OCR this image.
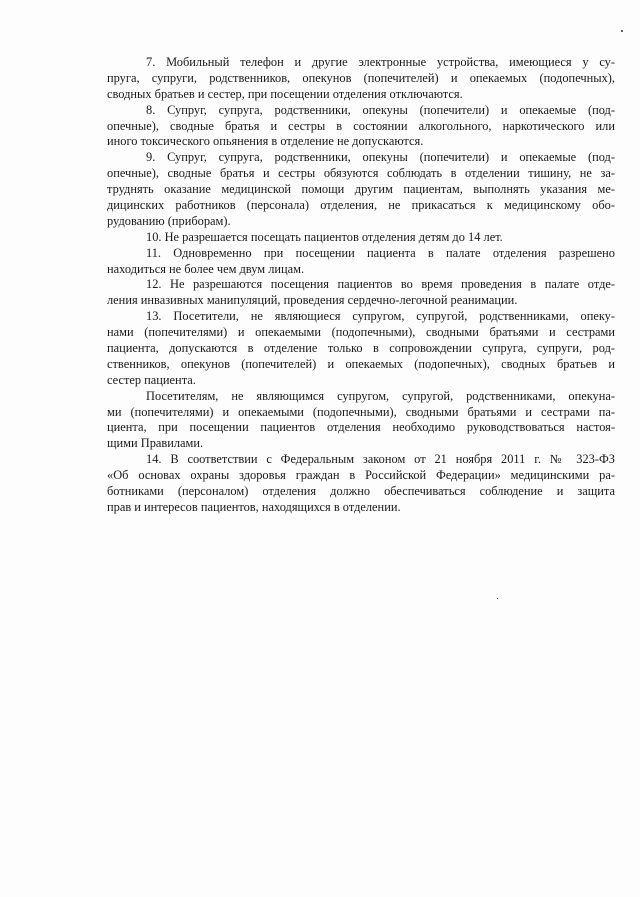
7. Мобильный телефон и другие электронные устройства, имеющиеся у су-
пруга, супруги, родственников, опекунов (попечителей) и опекаемых (подопечных),
сводных братьев и сестер, при посещении отделения отключаются.
8. Супруг, супруга, родственники, опекуны (попечители) и опекаемые (под-
опечные), сводные братья и сестры в состоянии алкогольного, наркотического или
иного токсического опьянения в отделение не допускаются.
9. Супруг, супруга, родственники, опекуны (попечители) и опекаемые (под-
опечные), сводные братья и сестры обязуются соблюдать в отделении тишину, не за-
труднять оказание медицинской помощи другим пациентам, выполнять указания ме-
дицинских работников (персонала) отделения, не прикасаться к медицинскому обо-
рудованию (приборам).
10. Не разрешается посещать пациентов отделения детям до 14 лет.
11. Одновременно при посещении пациента в палате отделения разрешено
находиться не более чем двум лицам.
12. Не разрешаются посещения пациентов во время проведения в палате отде-
ления инвазивных манипуляций, проведения сердечно-легочной реанимации.
13. Посетители, не являющиеся супругом, супругой, родственниками, опеку-
нами (попечителями) и опекаемыми (подопечными), сводными братьями и сестрами
пациента, допускаются в отделение только в сопровождении супруга, супруги, род-
ственников, опекунов (попечителей) и опекаемых (подопечных), сводных братьев и
сестер пациента.
Посетителям, не являющимся супругом, супругой, родственниками, опекуна-
ми (попечителями) и опекаемыми (подопечными), сводными братьями и сестрами па-
циента, при посещении пациентов отделения необходимо руководствоваться настоя-
щими Правилами.
14. В соответствии с Федеральным законом от 21 ноября 2011 г. № 323-ФЗ
«Об основах охраны здоровья граждан в Российской Федерации» медицинскими ра-
ботниками (персоналом) отделения должно обеспечиваться соблюдение и защита
прав и интересов пациентов, находящихся в отделении.
